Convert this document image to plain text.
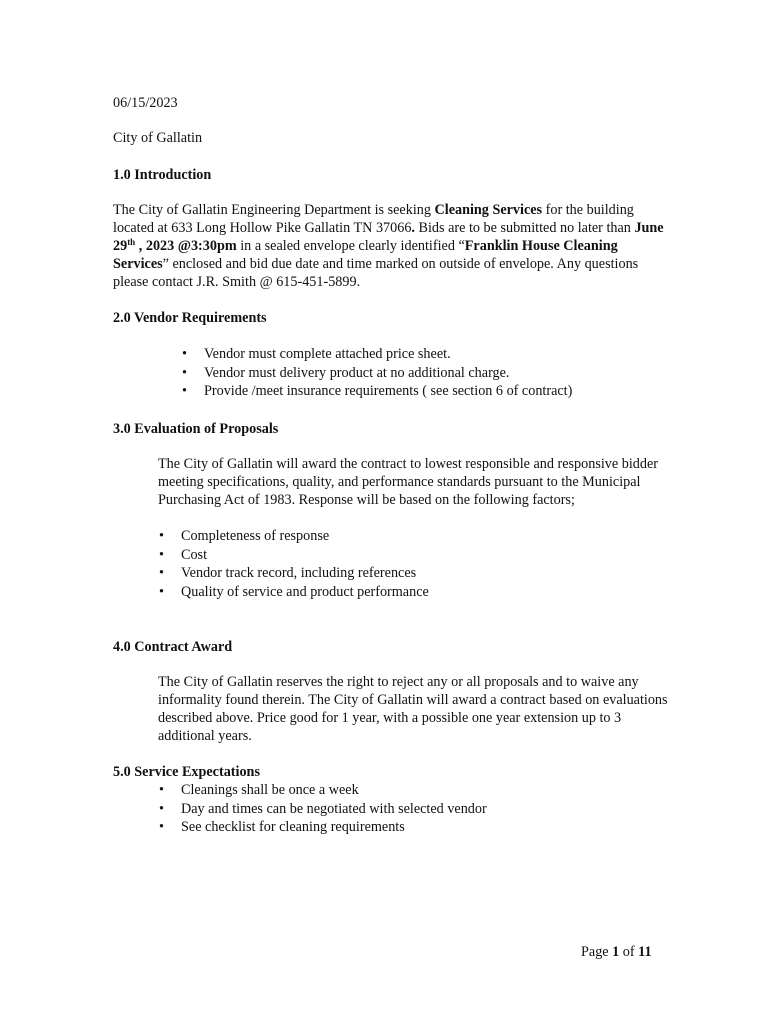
06/15/2023
City of Gallatin
1.0 Introduction

The City of Gallatin Engineering Department is seeking Cleaning Services for the building located at 633 Long Hollow Pike Gallatin TN 37066. Bids are to be submitted no later than June 29th , 2023 @3:30pm in a sealed envelope clearly identified “Franklin House Cleaning Services” enclosed and bid due date and time marked on outside of envelope. Any questions please contact J.R. Smith @ 615-451-5899.

2.0 Vendor Requirements
• Vendor must complete attached price sheet.
• Vendor must delivery product at no additional charge.
• Provide /meet insurance requirements ( see section 6 of contract)
3.0 Evaluation of Proposals

The City of Gallatin will award the contract to lowest responsible and responsive bidder meeting specifications, quality, and performance standards pursuant to the Municipal Purchasing Act of 1983. Response will be based on the following factors;

• Completeness of response
• Cost
• Vendor track record, including references
• Quality of service and product performance
4.0 Contract Award

The City of Gallatin reserves the right to reject any or all proposals and to waive any informality found therein. The City of Gallatin will award a contract based on evaluations described above. Price good for 1 year, with a possible one year extension up to 3 additional years.

5.0 Service Expectations
• Cleanings shall be once a week
• Day and times can be negotiated with selected vendor
• See checklist for cleaning requirements
Page 1 of 11
